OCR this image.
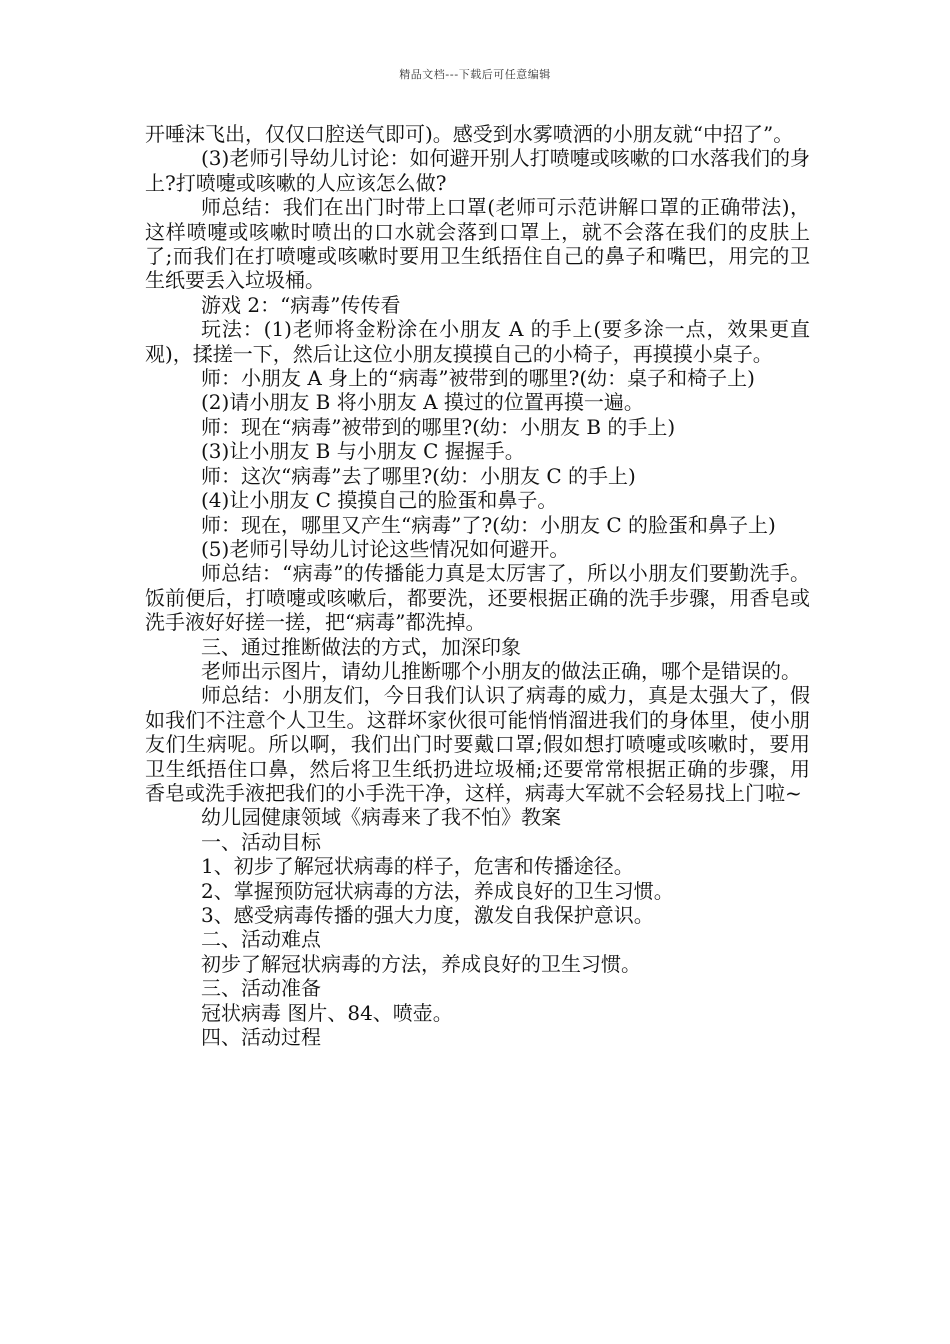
精品文档---下载后可任意编辑

开唾沫飞出，仅仅口腔送气即可)。感受到水雾喷洒的小朋友就“中招了”。

(3)老师引导幼儿讨论：如何避开别人打喷嚏或咳嗽的口水落我们的身上?打喷嚏或咳嗽的人应该怎么做?

师总结：我们在出门时带上口罩(老师可示范讲解口罩的正确带法)，这样喷嚏或咳嗽时喷出的口水就会落到口罩上，就不会落在我们的皮肤上了;而我们在打喷嚏或咳嗽时要用卫生纸捂住自己的鼻子和嘴巴，用完的卫生纸要丢入垃圾桶。

游戏 2：“病毒”传传看

玩法：(1)老师将金粉涂在小朋友 A 的手上(要多涂一点，效果更直观)，揉搓一下，然后让这位小朋友摸摸自己的小椅子，再摸摸小桌子。

师：小朋友 A 身上的“病毒”被带到的哪里?(幼：桌子和椅子上)

(2)请小朋友 B 将小朋友 A 摸过的位置再摸一遍。

师：现在“病毒”被带到的哪里?(幼：小朋友 B 的手上)

(3)让小朋友 B 与小朋友 C 握握手。

师：这次“病毒”去了哪里?(幼：小朋友 C 的手上)

(4)让小朋友 C 摸摸自己的脸蛋和鼻子。

师：现在，哪里又产生“病毒”了?(幼：小朋友 C 的脸蛋和鼻子上)

(5)老师引导幼儿讨论这些情况如何避开。

师总结：“病毒”的传播能力真是太厉害了，所以小朋友们要勤洗手。饭前便后，打喷嚏或咳嗽后，都要洗，还要根据正确的洗手步骤，用香皂或洗手液好好搓一搓，把“病毒”都洗掉。

三、通过推断做法的方式，加深印象

老师出示图片，请幼儿推断哪个小朋友的做法正确，哪个是错误的。

师总结：小朋友们，今日我们认识了病毒的威力，真是太强大了，假如我们不注意个人卫生。这群坏家伙很可能悄悄溜进我们的身体里，使小朋友们生病呢。所以啊，我们出门时要戴口罩;假如想打喷嚏或咳嗽时，要用卫生纸捂住口鼻，然后将卫生纸扔进垃圾桶;还要常常根据正确的步骤，用香皂或洗手液把我们的小手洗干净，这样，病毒大军就不会轻易找上门啦~

幼儿园健康领域《病毒来了我不怕》教案

一、活动目标

1、初步了解冠状病毒的样子，危害和传播途径。

2、掌握预防冠状病毒的方法，养成良好的卫生习惯。

3、感受病毒传播的强大力度，激发自我保护意识。

二、活动难点

初步了解冠状病毒的方法，养成良好的卫生习惯。

三、活动准备

冠状病毒 图片、84、喷壶。

四、活动过程
